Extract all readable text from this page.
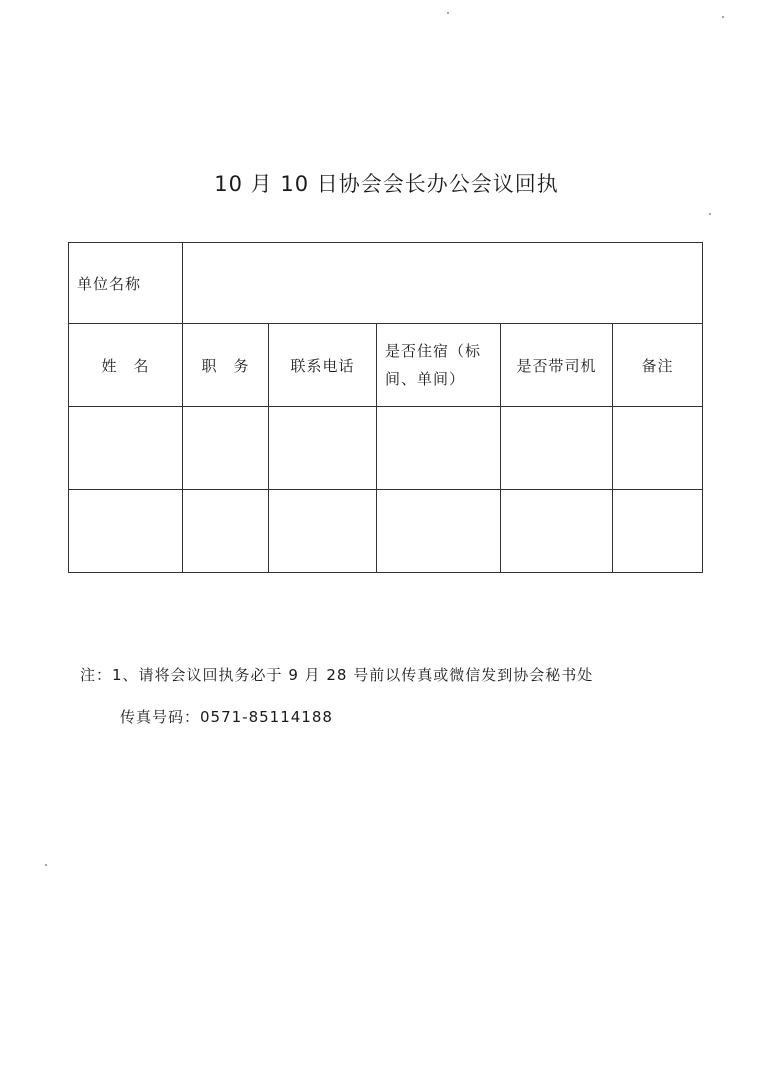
10 月 10 日协会会长办公会议回执
单位名称					
姓　名	职　务	联系电话	是否住宿（标间、单间）	是否带司机	备注

注：1、请将会议回执务必于 9 月 28 号前以传真或微信发到协会秘书处
传真号码：0571-85114188
